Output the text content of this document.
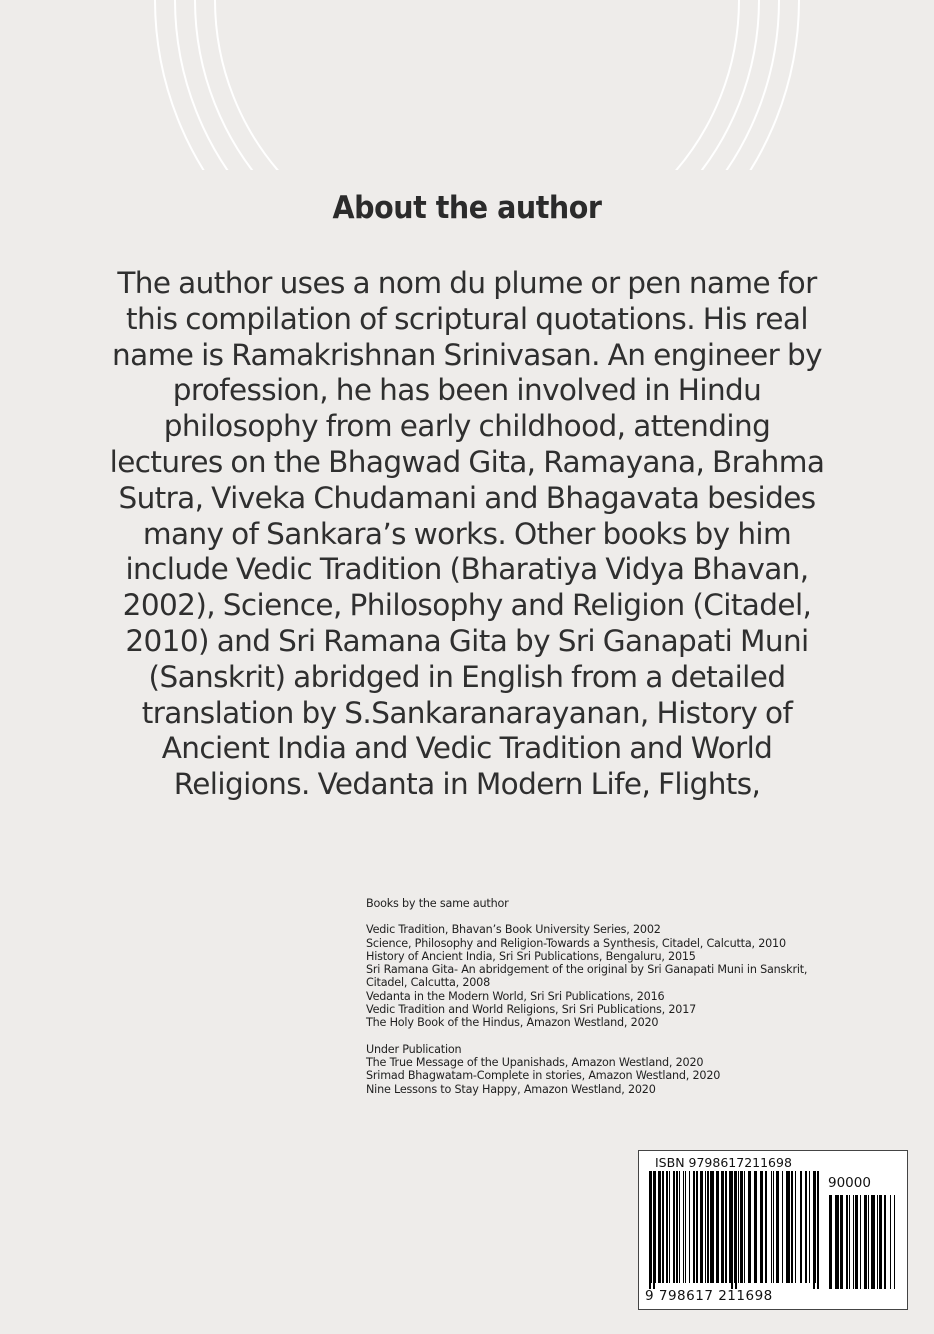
About the author
The author uses a nom du plume or pen name for
this compilation of scriptural quotations. His real
name is Ramakrishnan Srinivasan. An engineer by
profession, he has been involved in Hindu
philosophy from early childhood, attending
lectures on the Bhagwad Gita, Ramayana, Brahma
Sutra, Viveka Chudamani and Bhagavata besides
many of Sankara’s works. Other books by him
include Vedic Tradition (Bharatiya Vidya Bhavan,
2002), Science, Philosophy and Religion (Citadel,
2010) and Sri Ramana Gita by Sri Ganapati Muni
(Sanskrit) abridged in English from a detailed
translation by S.Sankaranarayanan, History of
Ancient India and Vedic Tradition and World
Religions. Vedanta in Modern Life, Flights,
Books by the same author
Vedic Tradition, Bhavan’s Book University Series, 2002
Science, Philosophy and Religion-Towards a Synthesis, Citadel, Calcutta, 2010
History of Ancient India, Sri Sri Publications, Bengaluru, 2015
Sri Ramana Gita- An abridgement of the original by Sri Ganapati Muni in Sanskrit,
Citadel, Calcutta, 2008
Vedanta in the Modern World, Sri Sri Publications, 2016
Vedic Tradition and World Religions, Sri Sri Publications, 2017
The Holy Book of the Hindus, Amazon Westland, 2020
Under Publication
The True Message of the Upanishads, Amazon Westland, 2020
Srimad Bhagwatam-Complete in stories, Amazon Westland, 2020
Nine Lessons to Stay Happy, Amazon Westland, 2020
ISBN 9798617211698
90000
9 798617 211698
